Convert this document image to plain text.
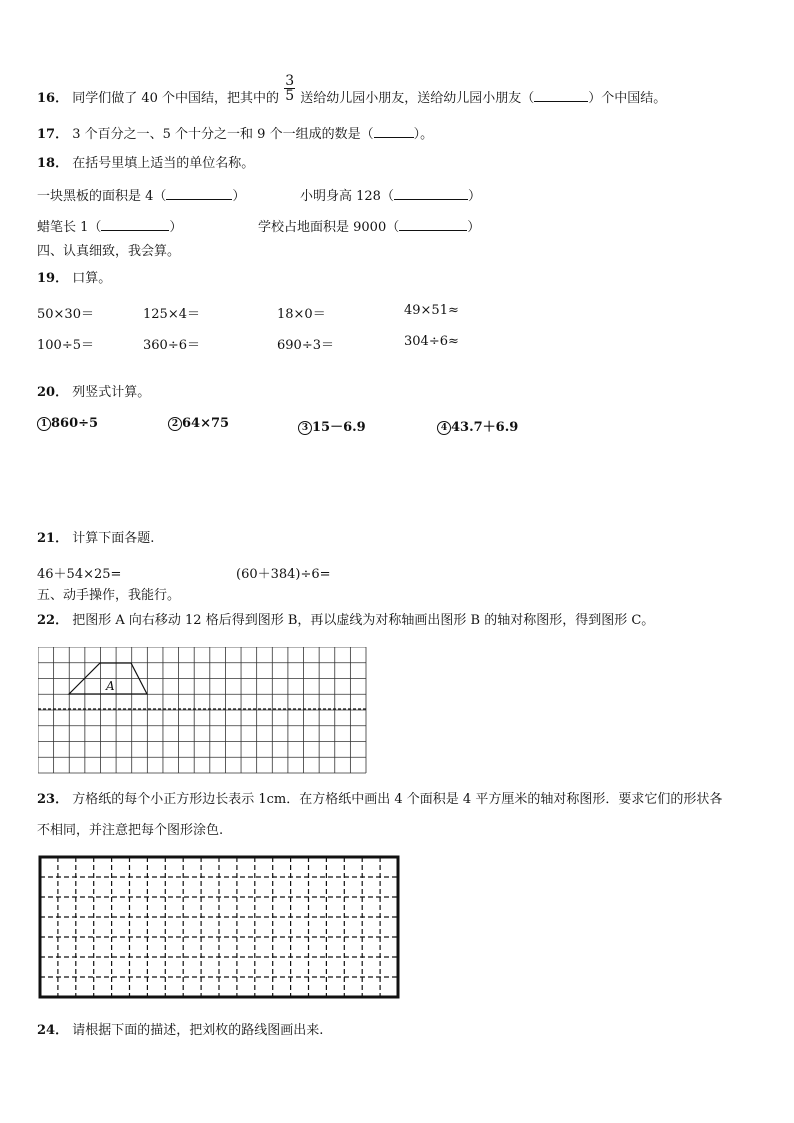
16． 同学们做了 40 个中国结，把其中的 $\frac{3}{5}$ 送给幼儿园小朋友，送给幼儿园小朋友（	）个中国结。
17． 3 个百分之一、5 个十分之一和 9 个一组成的数是（	）。
18． 在括号里填上适当的单位名称。
一块黑板的面积是 4（	）	小明身高 128（	）
蜡笔长 1（	）	学校占地面积是 9000（	）
四、认真细致，我会算。
19． 口算。
50×30＝	125×4＝	18×0＝	49×51≈
100÷5＝	360÷6＝	690÷3＝	304÷6≈
20． 列竖式计算。
1 860÷5	2 64×75	3 15－6.9	4 43.7＋6.9
21． 计算下面各题.
46＋54×25=	(60＋384)÷6=
五、动手操作，我能行。
22． 把图形 A 向右移动 12 格后得到图形 B，再以虚线为对称轴画出图形 B 的轴对称图形，得到图形 C。
A
23． 方格纸的每个小正方形边长表示 1cm．在方格纸中画出 4 个面积是 4 平方厘米的轴对称图形．要求它们的形状各
不相同，并注意把每个图形涂色.
24． 请根据下面的描述，把刘枚的路线图画出来.
